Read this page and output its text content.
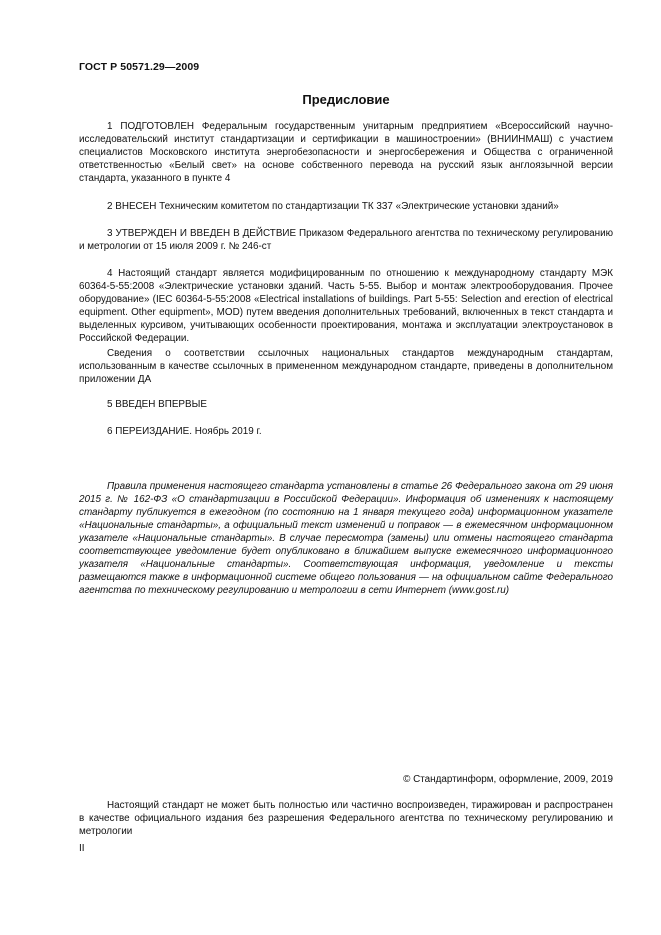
ГОСТ Р 50571.29—2009
Предисловие

1 ПОДГОТОВЛЕН Федеральным государственным унитарным предприятием «Всероссийский научно-исследовательский институт стандартизации и сертификации в машиностроении» (ВНИИНМАШ) с участием специалистов Московского института энергобезопасности и энергосбережения и Общества с ограниченной ответственностью «Белый свет» на основе собственного перевода на русский язык англоязычной версии стандарта, указанного в пункте 4

2 ВНЕСЕН Техническим комитетом по стандартизации ТК 337 «Электрические установки зданий»

3 УТВЕРЖДЕН И ВВЕДЕН В ДЕЙСТВИЕ Приказом Федерального агентства по техническому регулированию и метрологии от 15 июля 2009 г. № 246-ст

4 Настоящий стандарт является модифицированным по отношению к международному стандарту МЭК 60364-5-55:2008 «Электрические установки зданий. Часть 5-55. Выбор и монтаж электрооборудования. Прочее оборудование» (IEC 60364-5-55:2008 «Electrical installations of buildings. Part 5-55: Selection and erection of electrical equipment. Other equipment», MOD) путем введения дополнительных требований, включенных в текст стандарта и выделенных курсивом, учитывающих особенности проектирования, монтажа и эксплуатации электроустановок в Российской Федерации.

Сведения о соответствии ссылочных национальных стандартов международным стандартам, использованным в качестве ссылочных в примененном международном стандарте, приведены в дополнительном приложении ДА

5 ВВЕДЕН ВПЕРВЫЕ

6 ПЕРЕИЗДАНИЕ. Ноябрь 2019 г.

Правила применения настоящего стандарта установлены в статье 26 Федерального закона от 29 июня 2015 г. № 162-ФЗ «О стандартизации в Российской Федерации». Информация об изменениях к настоящему стандарту публикуется в ежегодном (по состоянию на 1 января текущего года) информационном указателе «Национальные стандарты», а официальный текст изменений и поправок — в ежемесячном информационном указателе «Национальные стандарты». В случае пересмотра (замены) или отмены настоящего стандарта соответствующее уведомление будет опубликовано в ближайшем выпуске ежемесячного информационного указателя «Национальные стандарты». Соответствующая информация, уведомление и тексты размещаются также в информационной системе общего пользования — на официальном сайте Федерального агентства по техническому регулированию и метрологии в сети Интернет (www.gost.ru)

© Стандартинформ, оформление, 2009, 2019

Настоящий стандарт не может быть полностью или частично воспроизведен, тиражирован и распространен в качестве официального издания без разрешения Федерального агентства по техническому регулированию и метрологии

II
